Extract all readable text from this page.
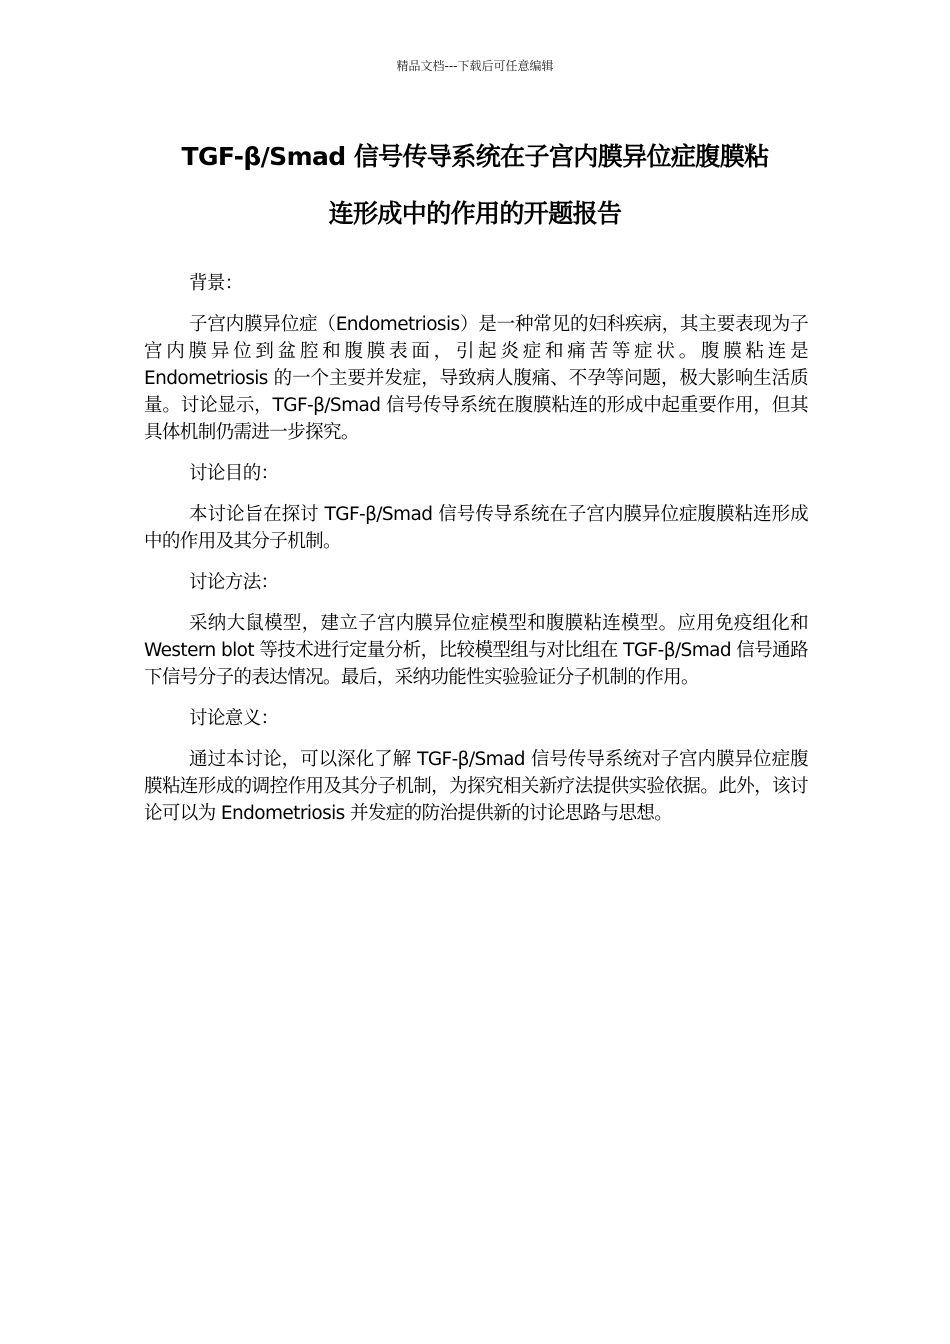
精品文档---下载后可任意编辑
TGF-β/Smad 信号传导系统在子宫内膜异位症腹膜粘
连形成中的作用的开题报告

背景：

子宫内膜异位症（Endometriosis）是一种常见的妇科疾病，其主要表现为子宫内膜异位到盆腔和腹膜表面，引起炎症和痛苦等症状。腹膜粘连是 Endometriosis 的一个主要并发症，导致病人腹痛、不孕等问题，极大影响生活质量。讨论显示，TGF-β/Smad 信号传导系统在腹膜粘连的形成中起重要作用，但其具体机制仍需进一步探究。

讨论目的：

本讨论旨在探讨 TGF-β/Smad 信号传导系统在子宫内膜异位症腹膜粘连形成中的作用及其分子机制。

讨论方法：

采纳大鼠模型，建立子宫内膜异位症模型和腹膜粘连模型。应用免疫组化和 Western blot 等技术进行定量分析，比较模型组与对比组在 TGF-β/Smad 信号通路下信号分子的表达情况。最后，采纳功能性实验验证分子机制的作用。

讨论意义：

通过本讨论，可以深化了解 TGF-β/Smad 信号传导系统对子宫内膜异位症腹膜粘连形成的调控作用及其分子机制，为探究相关新疗法提供实验依据。此外，该讨论可以为 Endometriosis 并发症的防治提供新的讨论思路与思想。
